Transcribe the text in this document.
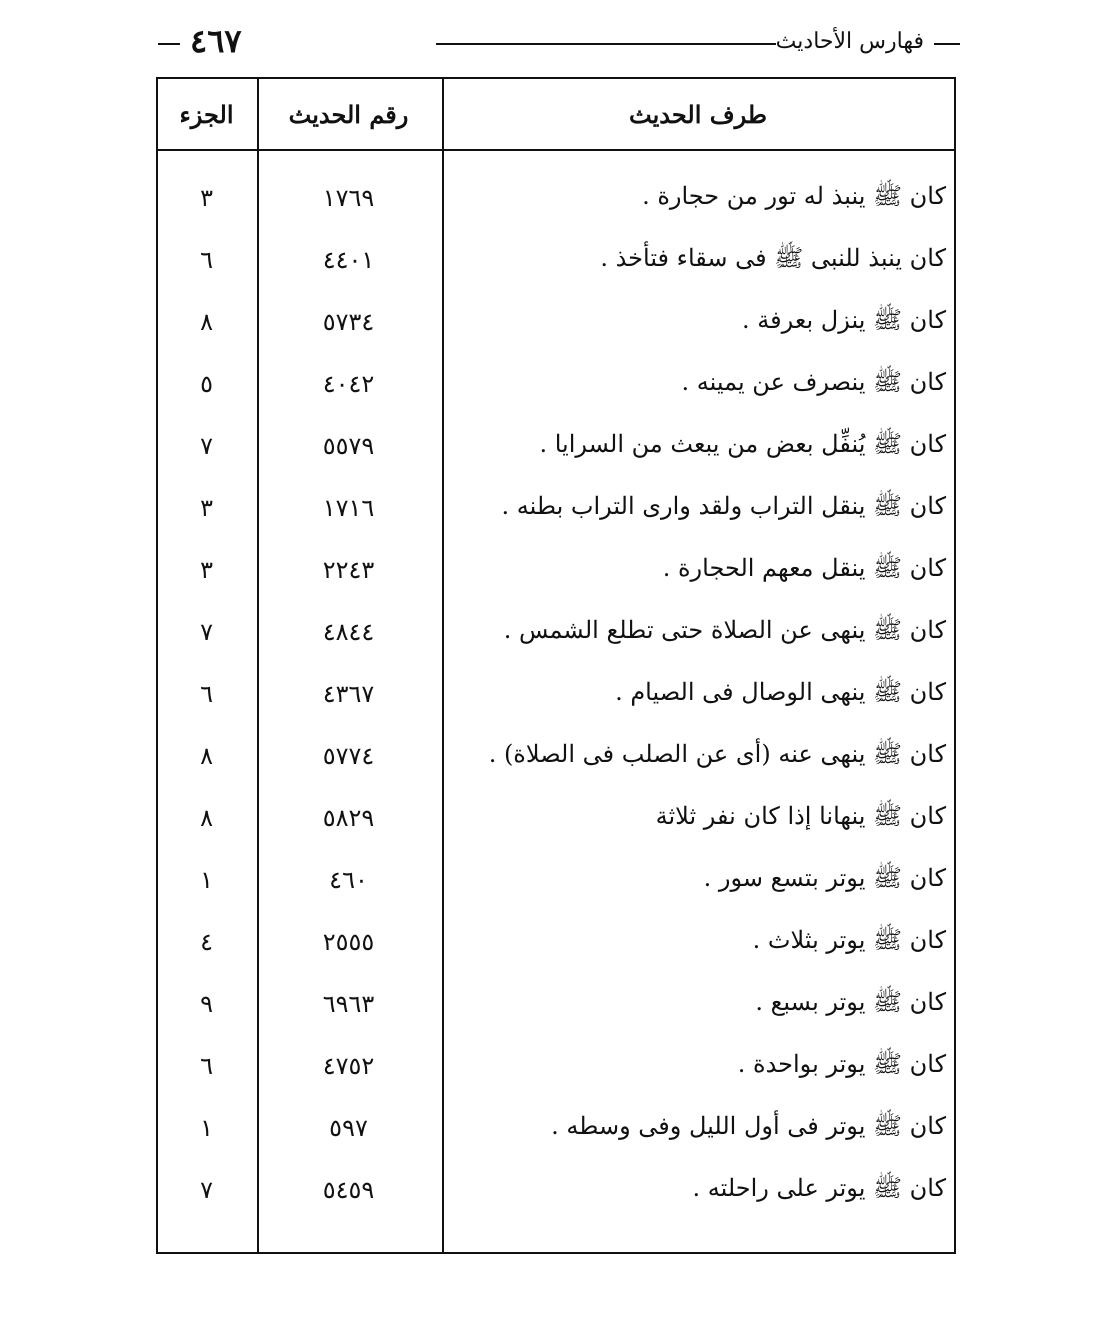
فهارس الأحاديث
٤٦٧
طرف الحديث
رقم الحديث
الجزء
كان ﷺ ينبذ له تور من حجارة .
١٧٦٩
٣
كان ينبذ للنبى ﷺ فى سقاء فتأخذ .
٤٤٠١
٦
كان ﷺ ينزل بعرفة .
٥٧٣٤
٨
كان ﷺ ينصرف عن يمينه .
٤٠٤٢
٥
كان ﷺ يُنفِّل بعض من يبعث من السرايا .
٥٥٧٩
٧
كان ﷺ ينقل التراب ولقد وارى التراب بطنه .
١٧١٦
٣
كان ﷺ ينقل معهم الحجارة .
٢٢٤٣
٣
كان ﷺ ينهى عن الصلاة حتى تطلع الشمس .
٤٨٤٤
٧
كان ﷺ ينهى الوصال فى الصيام .
٤٣٦٧
٦
كان ﷺ ينهى عنه (أى عن الصلب فى الصلاة) .
٥٧٧٤
٨
كان ﷺ ينهانا إذا كان نفر ثلاثة
٥٨٢٩
٨
كان ﷺ يوتر بتسع سور .
٤٦٠
١
كان ﷺ يوتر بثلاث .
٢٥٥٥
٤
كان ﷺ يوتر بسبع .
٦٩٦٣
٩
كان ﷺ يوتر بواحدة .
٤٧٥٢
٦
كان ﷺ يوتر فى أول الليل وفى وسطه .
٥٩٧
١
كان ﷺ يوتر على راحلته .
٥٤٥٩
٧
